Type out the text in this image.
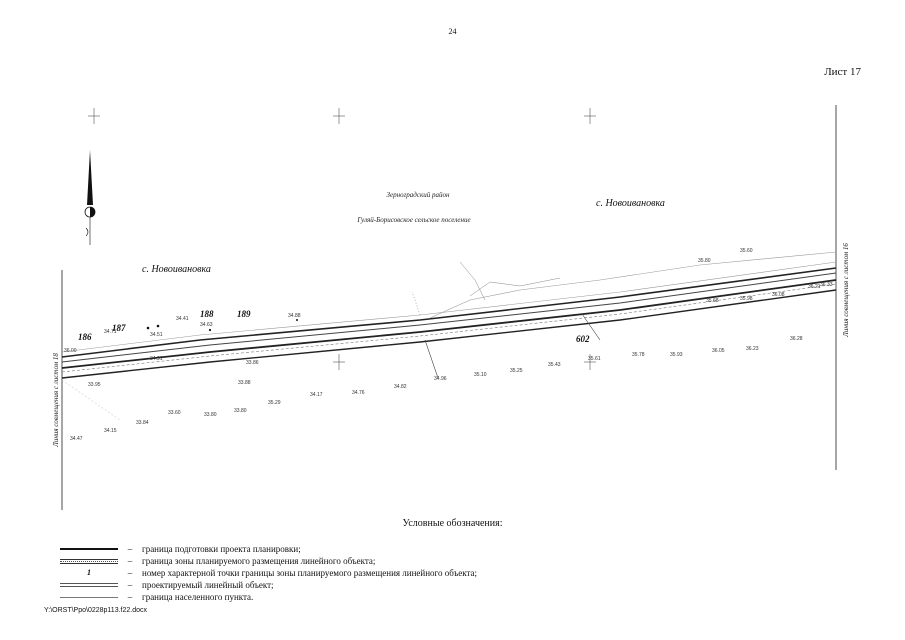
24
Лист 17
Зерноградский район
Гуляй-Борисовское сельское поселение
с. Новоивановка
с. Новоивановка
Линия совмещения с листом 18
Линия совмещения с листом 16
186
187
188	189
602
36.00
34.71	34.51
34.41
34.63
34.88
33.95
34.91
33.88
33.86
34.47
34.15
33.84
33.60	33.80
33.80
35.29
34.17	34.76
34.82
34.96
35.10
35.25
35.43
35.61
35.78	35.93
36.05	36.23
36.28
35.68	35.98
36.08
36.21 36.33
35.80
35.60
Условные обозначения:
–	граница подготовки проекта планировки;
–	граница зоны планируемого размещения линейного объекта;
1	–	номер характерной точки границы зоны планируемого размещения линейного объекта;
–	проектируемый линейный объект;
–	граница населенного пункта.
Y:\ORST\Ppo\0228p113.f22.docx
